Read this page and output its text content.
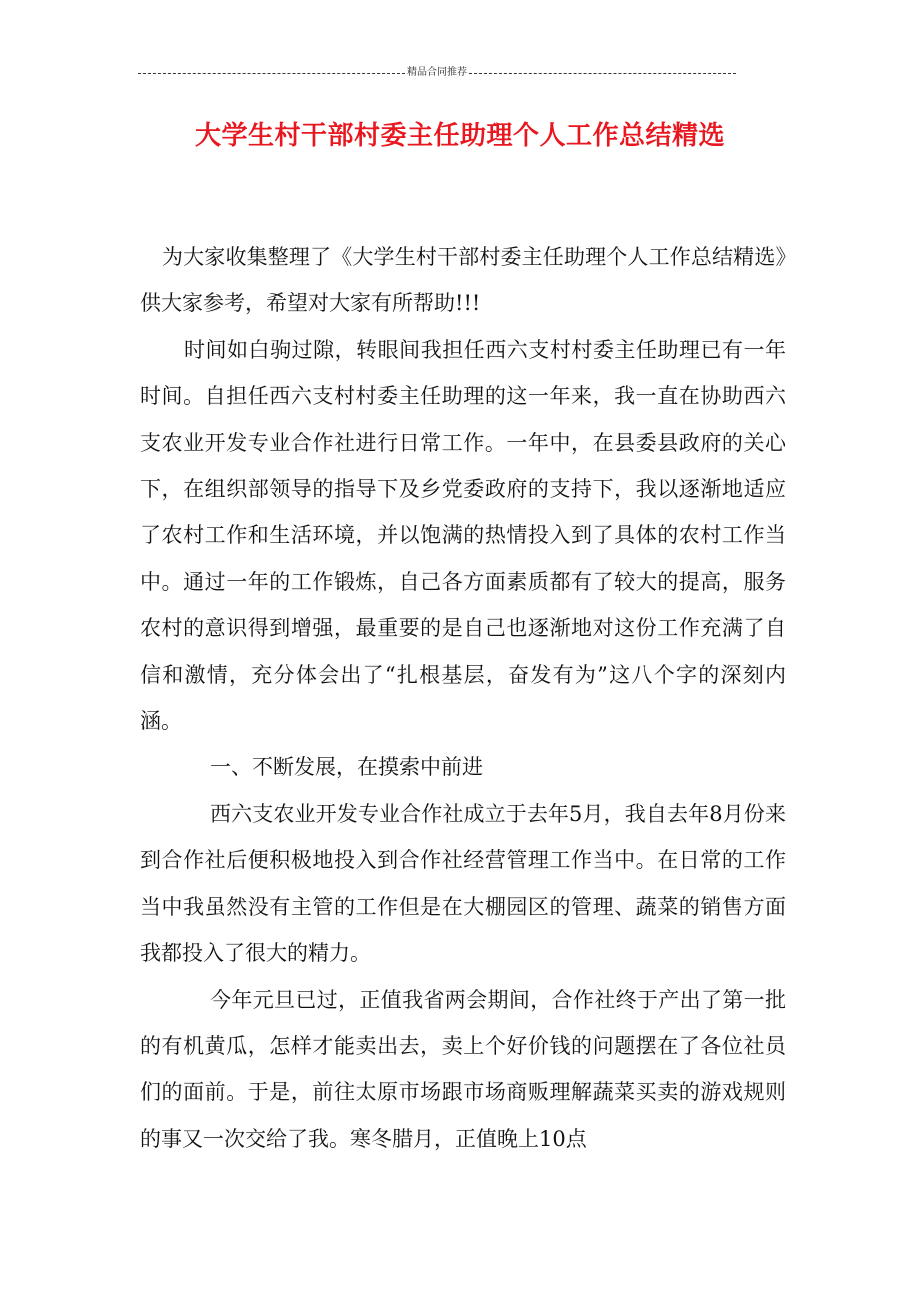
精品合同推荐
大学生村干部村委主任助理个人工作总结精选

为大家收集整理了《大学生村干部村委主任助理个人工作总结精选》供大家参考，希望对大家有所帮助!!!

时间如白驹过隙，转眼间我担任西六支村村委主任助理已有一年时间。自担任西六支村村委主任助理的这一年来，我一直在协助西六支农业开发专业合作社进行日常工作。一年中，在县委县政府的关心下，在组织部领导的指导下及乡党委政府的支持下，我以逐渐地适应了农村工作和生活环境，并以饱满的热情投入到了具体的农村工作当中。通过一年的工作锻炼，自己各方面素质都有了较大的提高，服务农村的意识得到增强，最重要的是自己也逐渐地对这份工作充满了自信和激情，充分体会出了“扎根基层，奋发有为”这八个字的深刻内涵。

一、不断发展，在摸索中前进

西六支农业开发专业合作社成立于去年5月，我自去年8月份来到合作社后便积极地投入到合作社经营管理工作当中。在日常的工作当中我虽然没有主管的工作但是在大棚园区的管理、蔬菜的销售方面我都投入了很大的精力。

今年元旦已过，正值我省两会期间，合作社终于产出了第一批的有机黄瓜，怎样才能卖出去，卖上个好价钱的问题摆在了各位社员们的面前。于是，前往太原市场跟市场商贩理解蔬菜买卖的游戏规则的事又一次交给了我。寒冬腊月，正值晚上10点
